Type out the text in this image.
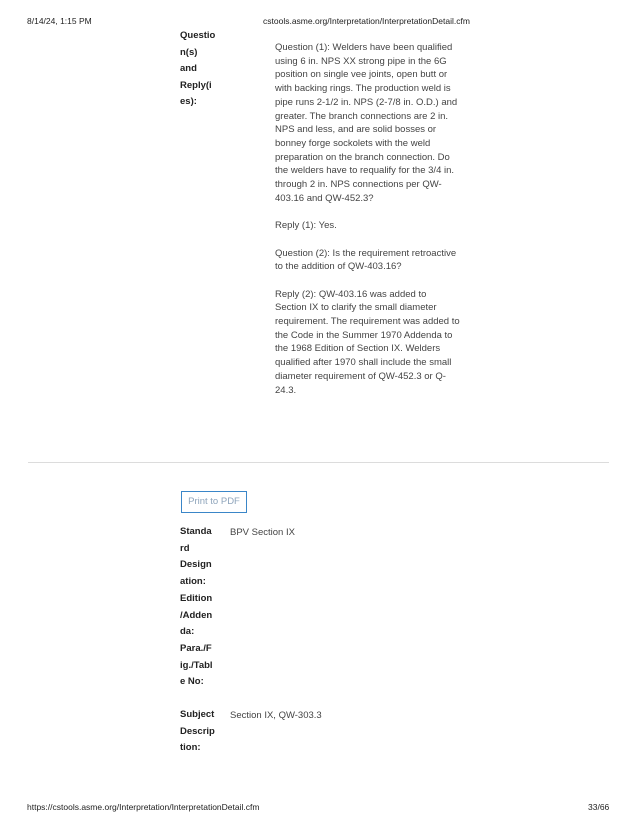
8/14/24, 1:15 PM	cstools.asme.org/Interpretation/InterpretationDetail.cfm
Questio
n(s)
and
Reply(i
es):

Question (1): Welders have been qualified using 6 in. NPS XX strong pipe in the 6G position on single vee joints, open butt or with backing rings. The production weld is pipe runs 2-1/2 in. NPS (2-7/8 in. O.D.) and greater. The branch connections are 2 in. NPS and less, and are solid bosses or bonney forge sockolets with the weld preparation on the branch connection. Do the welders have to requalify for the 3/4 in. through 2 in. NPS connections per QW-403.16 and QW-452.3?

Reply (1): Yes.

Question (2): Is the requirement retroactive to the addition of QW-403.16?

Reply (2): QW-403.16 was added to Section IX to clarify the small diameter requirement. The requirement was added to the Code in the Summer 1970 Addenda to the 1968 Edition of Section IX. Welders qualified after 1970 shall include the small diameter requirement of QW-452.3 or Q-24.3.

Print to PDF
Standa
rd
Design
ation:
BPV Section IX
Edition
/Adden
da:
Para./F
ig./Tabl
e No:
Subject
Descrip
tion:
Section IX, QW-303.3
https://cstools.asme.org/Interpretation/InterpretationDetail.cfm	33/66
